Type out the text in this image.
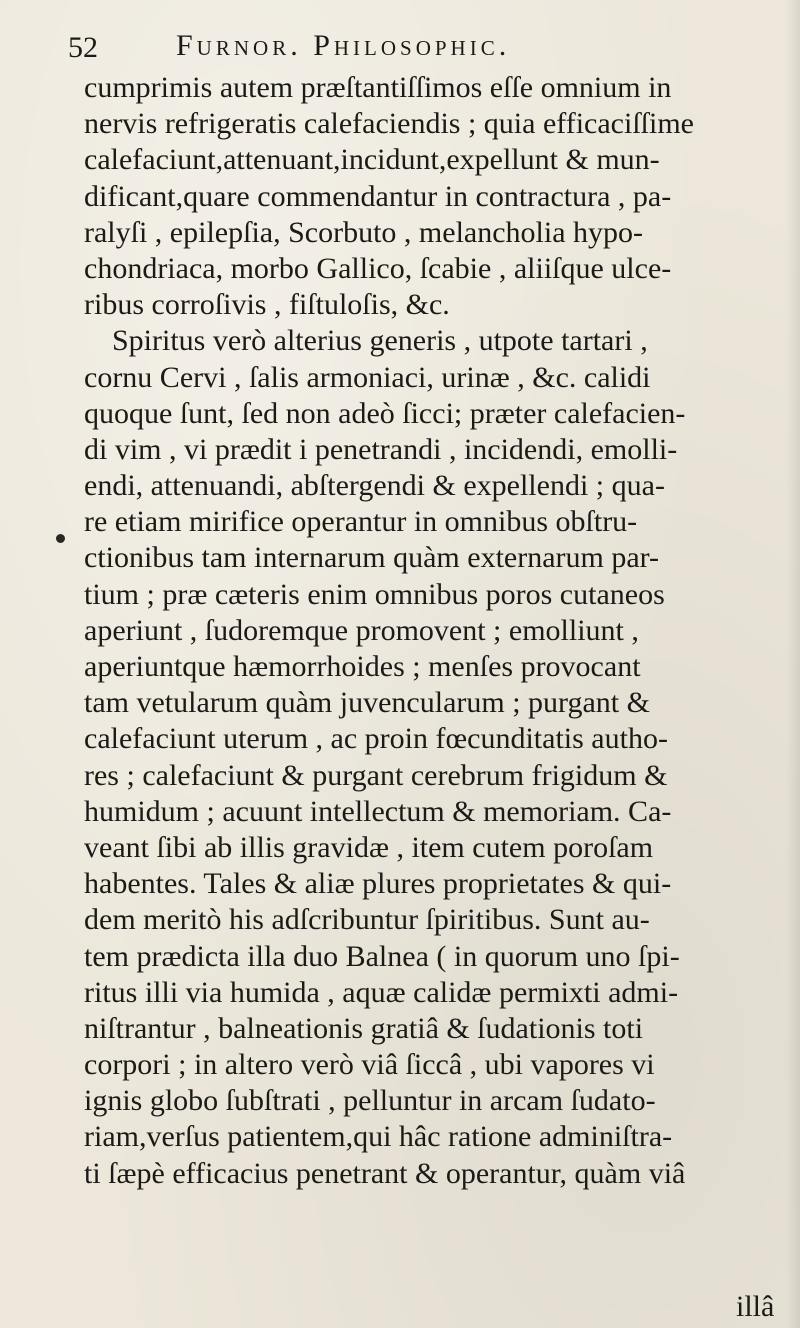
52	Furnor. Philosophic.
cumprimis autem præſtantiſſimos eſſe omnium in
nervis refrigeratis calefaciendis ; quia efficaciſſime
calefaciunt,attenuant,incidunt,expellunt & mun-
dificant,quare commendantur in contractura , pa-
ralyſi , epilepſia, Scorbuto , melancholia hypo-
chondriaca, morbo Gallico, ſcabie , aliiſque ulce-
ribus corroſivis , fiſtuloſis, &c.
Spiritus verò alterius generis , utpote tartari ,
cornu Cervi , ſalis armoniaci, urinæ , &c. calidi
quoque ſunt, ſed non adeò ſicci; præter calefacien-
di vim , vi prædit i penetrandi , incidendi, emolli-
endi, attenuandi, abſtergendi & expellendi ; qua-
re etiam mirifice operantur in omnibus obſtru-
ctionibus tam internarum quàm externarum par-
tium ; præ cæteris enim omnibus poros cutaneos
aperiunt , ſudoremque promovent ; emolliunt ,
aperiuntque hæmorrhoides ; menſes provocant
tam vetularum quàm juvencularum ; purgant &
calefaciunt uterum , ac proin fœcunditatis autho-
res ; calefaciunt & purgant cerebrum frigidum &
humidum ; acuunt intellectum & memoriam. Ca-
veant ſibi ab illis gravidæ , item cutem poroſam
habentes. Tales & aliæ plures proprietates & qui-
dem meritò his adſcribuntur ſpiritibus. Sunt au-
tem prædicta illa duo Balnea ( in quorum uno ſpi-
ritus illi via humida , aquæ calidæ permixti admi-
niſtrantur , balneationis gratiâ & ſudationis toti
corpori ; in altero verò viâ ſiccâ , ubi vapores vi
ignis globo ſubſtrati , pelluntur in arcam ſudato-
riam,verſus patientem,qui hâc ratione adminiſtra-
ti ſæpè efficacius penetrant & operantur, quàm viâ
illâ
